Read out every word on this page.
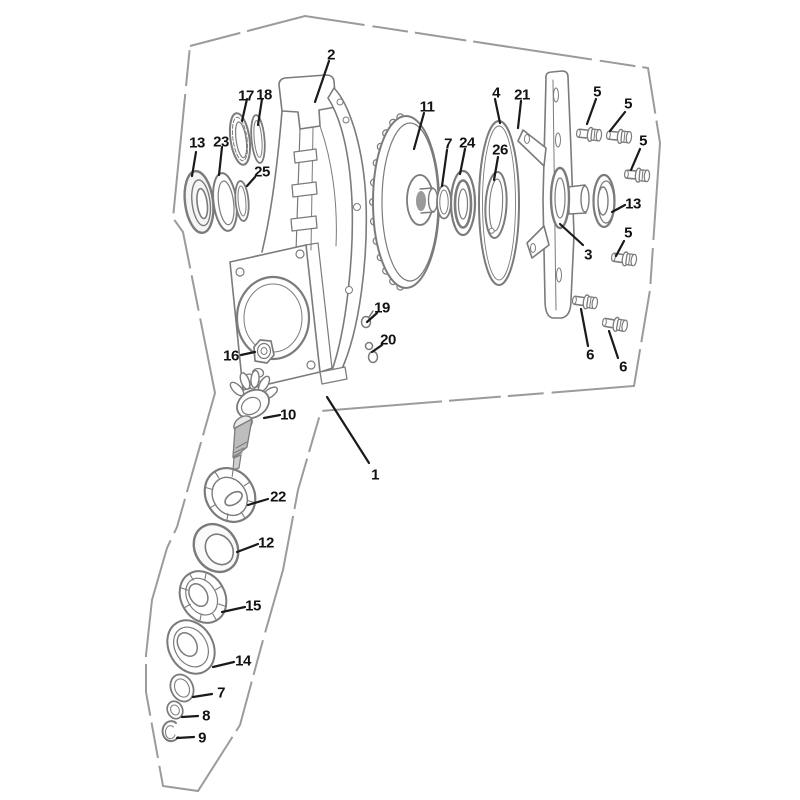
2
17 18
13 23
25
11
7 24 26
4 21	5
5
5
13
5
3
6
6
19
20
16
10
1
22
12
15
14
7
8
9
